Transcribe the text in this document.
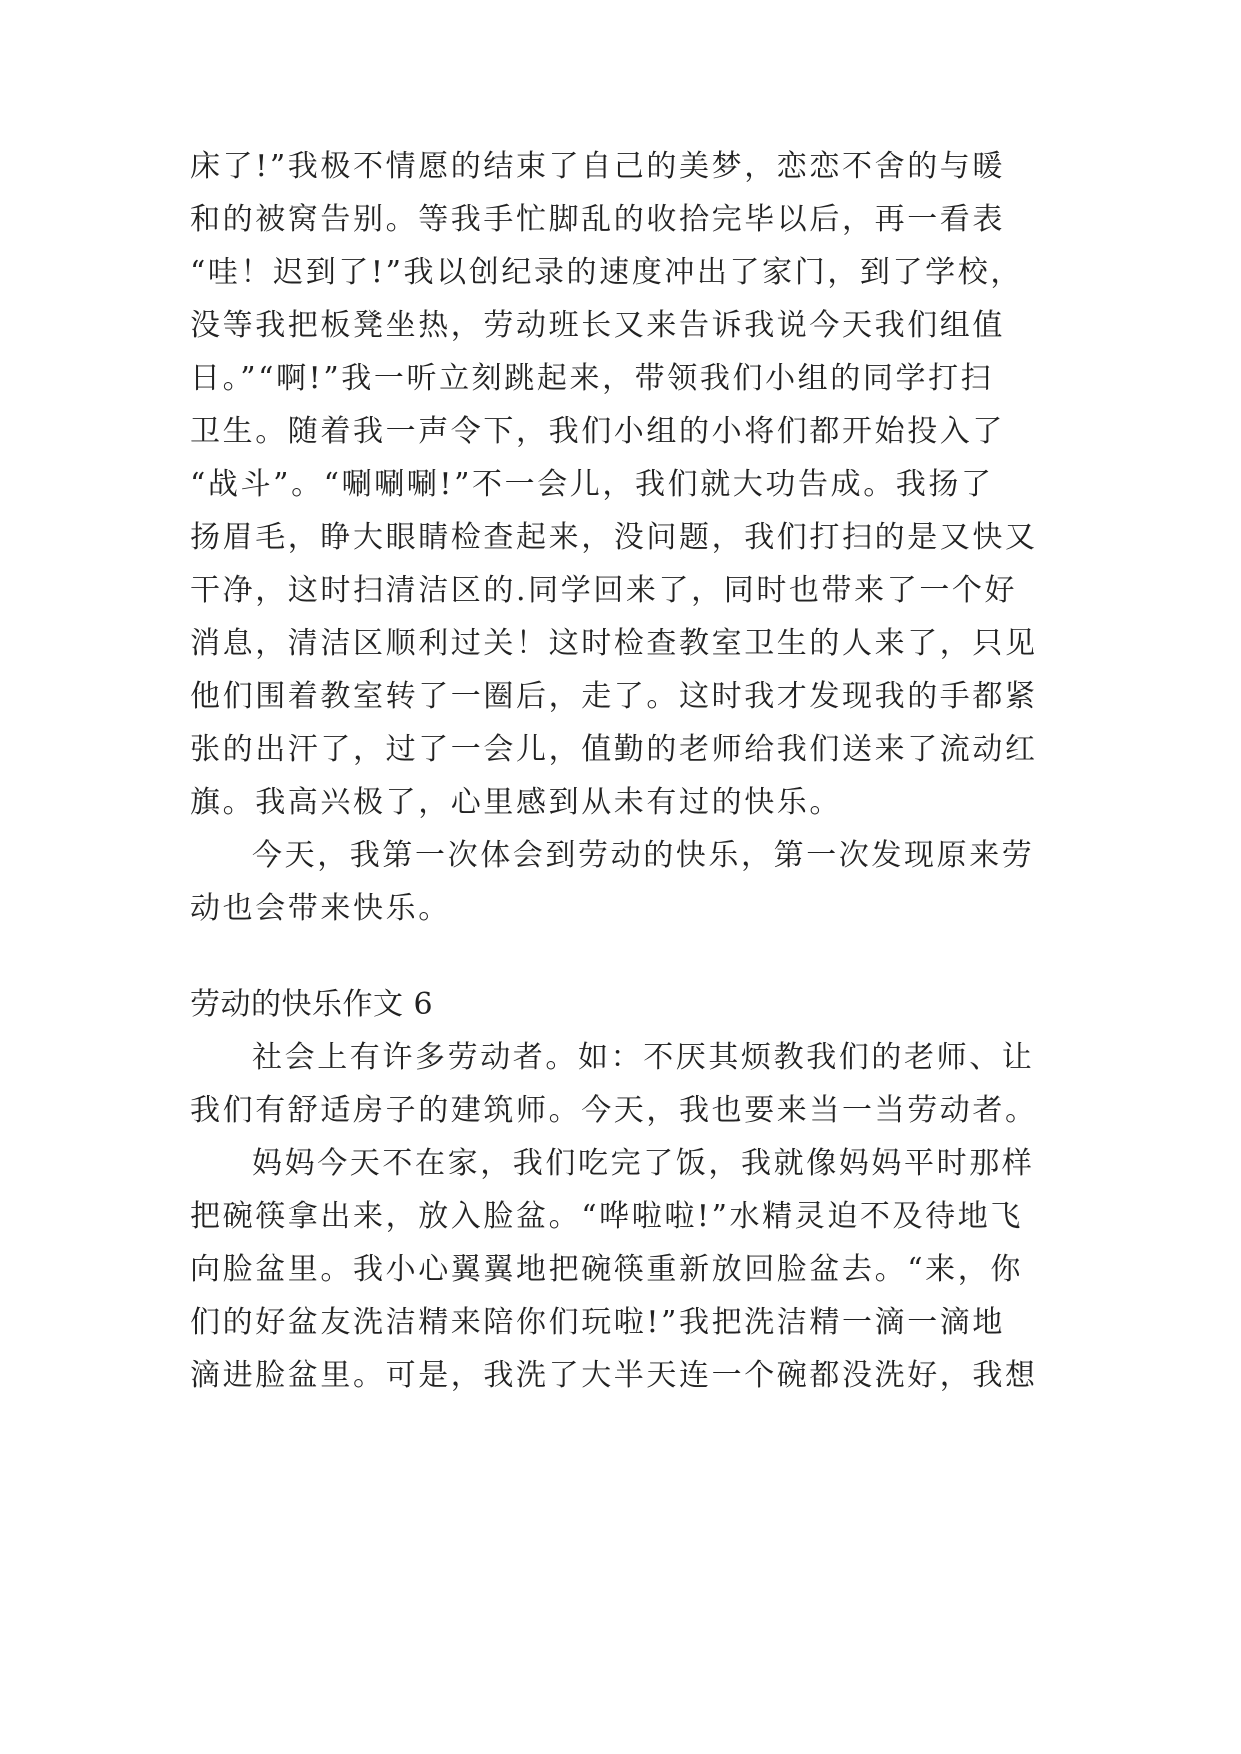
床了!”我极不情愿的结束了自己的美梦，恋恋不舍的与暖
和的被窝告别。等我手忙脚乱的收拾完毕以后，再一看表
“哇！迟到了!”我以创纪录的速度冲出了家门，到了学校，
没等我把板凳坐热，劳动班长又来告诉我说今天我们组值
日。”“啊!”我一听立刻跳起来，带领我们小组的同学打扫
卫生。随着我一声令下，我们小组的小将们都开始投入了
“战斗”。“唰唰唰!”不一会儿，我们就大功告成。我扬了
扬眉毛，睁大眼睛检查起来，没问题，我们打扫的是又快又
干净，这时扫清洁区的.同学回来了，同时也带来了一个好
消息，清洁区顺利过关！这时检查教室卫生的人来了，只见
他们围着教室转了一圈后，走了。这时我才发现我的手都紧
张的出汗了，过了一会儿，值勤的老师给我们送来了流动红
旗。我高兴极了，心里感到从未有过的快乐。
今天，我第一次体会到劳动的快乐，第一次发现原来劳
动也会带来快乐。
劳动的快乐作文 6
社会上有许多劳动者。如：不厌其烦教我们的老师、让
我们有舒适房子的建筑师。今天，我也要来当一当劳动者。
妈妈今天不在家，我们吃完了饭，我就像妈妈平时那样
把碗筷拿出来，放入脸盆。“哗啦啦!”水精灵迫不及待地飞
向脸盆里。我小心翼翼地把碗筷重新放回脸盆去。“来，你
们的好盆友洗洁精来陪你们玩啦!”我把洗洁精一滴一滴地
滴进脸盆里。可是，我洗了大半天连一个碗都没洗好，我想
